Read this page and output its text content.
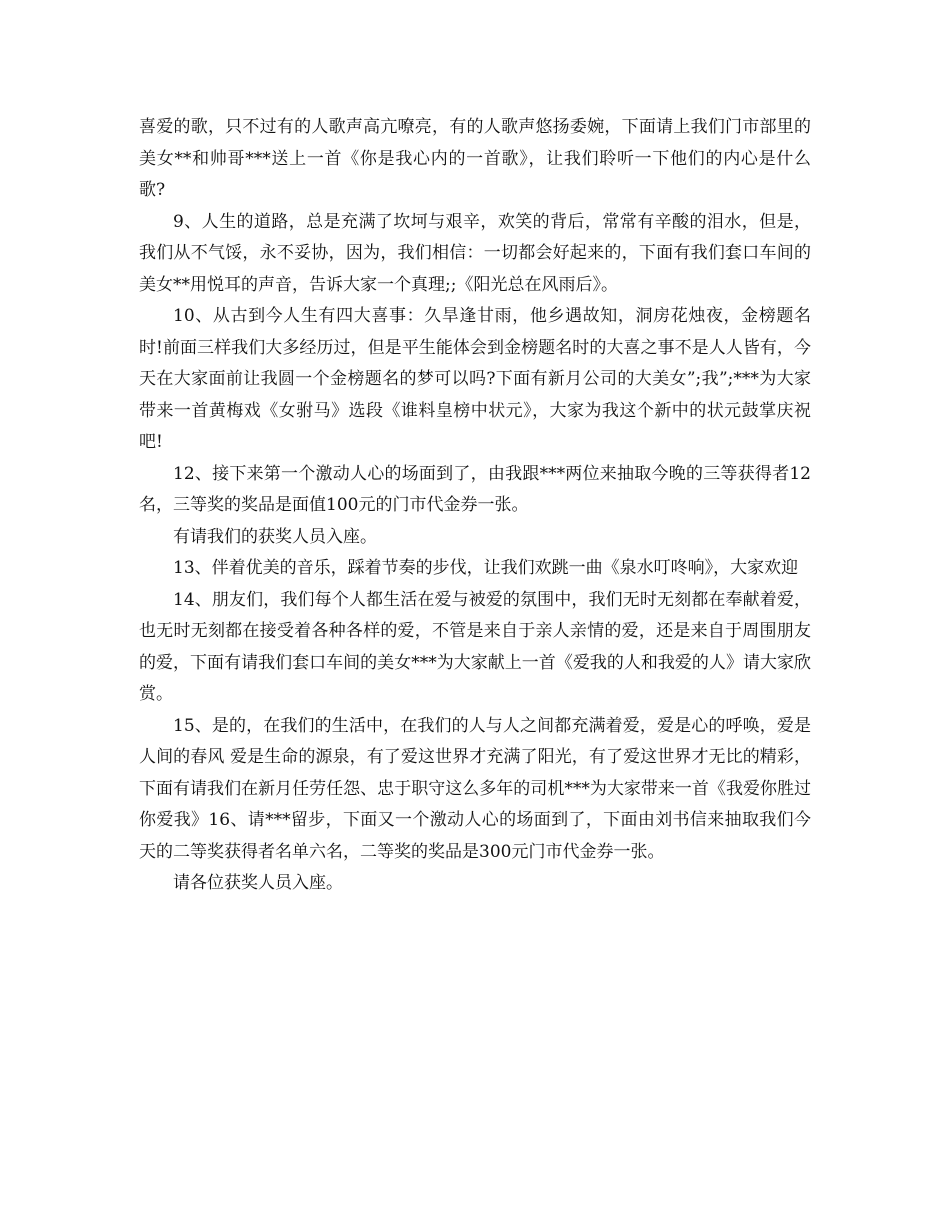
喜爱的歌，只不过有的人歌声高亢嘹亮，有的人歌声悠扬委婉，下面请上我们门市部里的美女**和帅哥***送上一首《你是我心内的一首歌》，让我们聆听一下他们的内心是什么歌?

9、人生的道路，总是充满了坎坷与艰辛，欢笑的背后，常常有辛酸的泪水，但是，我们从不气馁，永不妥协，因为，我们相信：一切都会好起来的，下面有我们套口车间的美女**用悦耳的声音，告诉大家一个真理;;《阳光总在风雨后》。

10、从古到今人生有四大喜事：久旱逢甘雨，他乡遇故知，洞房花烛夜，金榜题名时!前面三样我们大多经历过，但是平生能体会到金榜题名时的大喜之事不是人人皆有，今天在大家面前让我圆一个金榜题名的梦可以吗?下面有新月公司的大美女”;我”;***为大家带来一首黄梅戏《女驸马》选段《谁料皇榜中状元》，大家为我这个新中的状元鼓掌庆祝吧!

12、接下来第一个激动人心的场面到了，由我跟***两位来抽取今晚的三等获得者12名，三等奖的奖品是面值100元的门市代金券一张。

有请我们的获奖人员入座。

13、伴着优美的音乐，踩着节奏的步伐，让我们欢跳一曲《泉水叮咚响》，大家欢迎

14、朋友们，我们每个人都生活在爱与被爱的氛围中，我们无时无刻都在奉献着爱，也无时无刻都在接受着各种各样的爱，不管是来自于亲人亲情的爱，还是来自于周围朋友的爱，下面有请我们套口车间的美女***为大家献上一首《爱我的人和我爱的人》请大家欣赏。

15、是的，在我们的生活中，在我们的人与人之间都充满着爱，爱是心的呼唤，爱是人间的春风 爱是生命的源泉，有了爱这世界才充满了阳光，有了爱这世界才无比的精彩，下面有请我们在新月任劳任怨、忠于职守这么多年的司机***为大家带来一首《我爱你胜过你爱我》16、请***留步，下面又一个激动人心的场面到了，下面由刘书信来抽取我们今天的二等奖获得者名单六名，二等奖的奖品是300元门市代金券一张。

请各位获奖人员入座。
